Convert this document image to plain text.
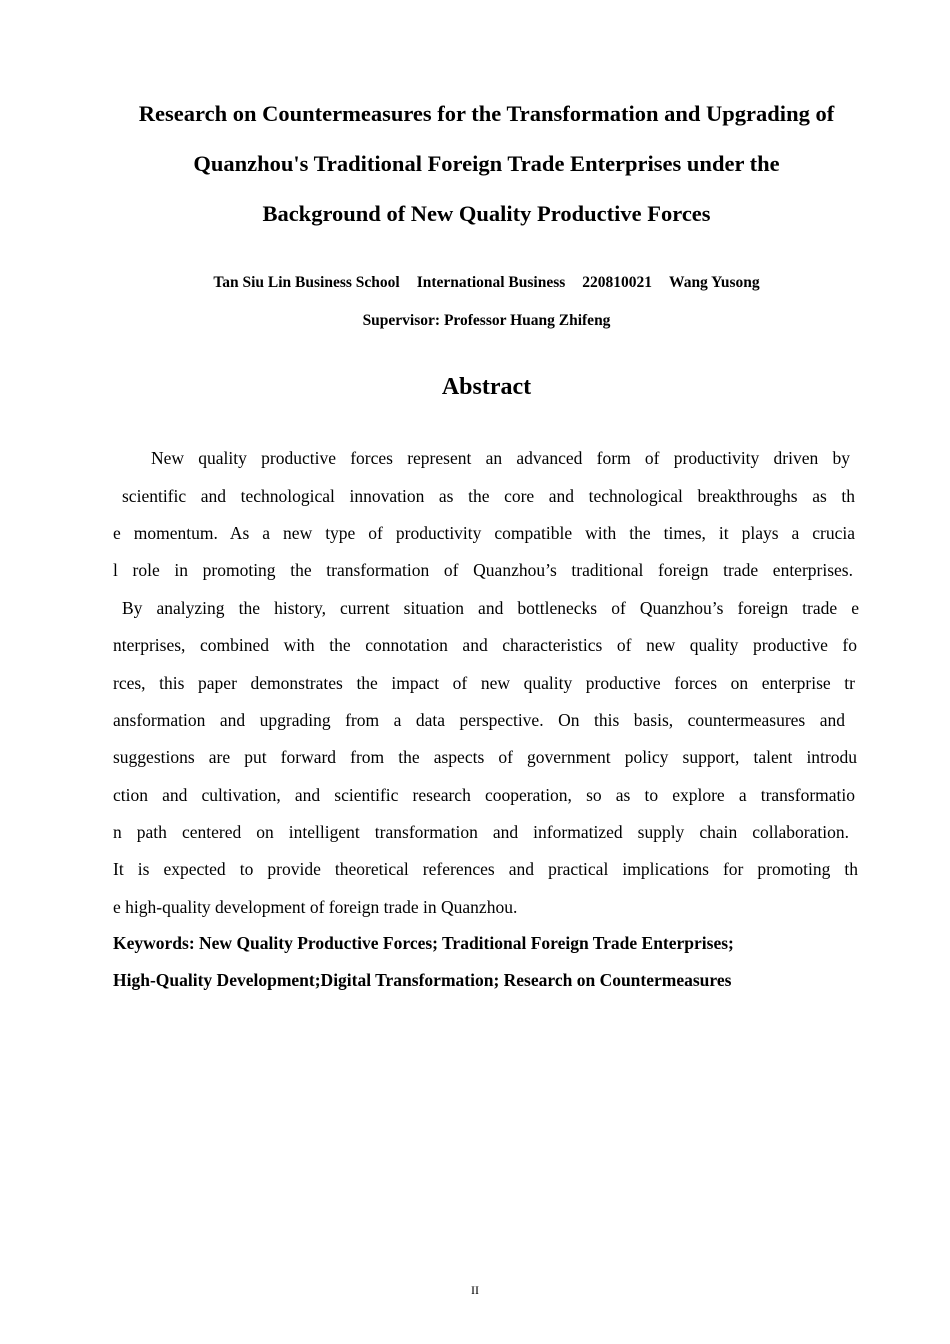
Research on Countermeasures for the Transformation and Upgrading of
Quanzhou's Traditional Foreign Trade Enterprises under the
Background of New Quality Productive Forces
Tan Siu Lin Business School International Business 220810021 Wang Yusong
Supervisor: Professor Huang Zhifeng
Abstract
New quality productive forces represent an advanced form of productivity driven by
scientific and technological innovation as the core and technological breakthroughs as th
e momentum. As a new type of productivity compatible with the times, it plays a crucia
l role in promoting the transformation of Quanzhou’s traditional foreign trade enterprises.
By analyzing the history, current situation and bottlenecks of Quanzhou’s foreign trade e
nterprises, combined with the connotation and characteristics of new quality productive fo
rces, this paper demonstrates the impact of new quality productive forces on enterprise tr
ansformation and upgrading from a data perspective. On this basis, countermeasures and
suggestions are put forward from the aspects of government policy support, talent introdu
ction and cultivation, and scientific research cooperation, so as to explore a transformatio
n path centered on intelligent transformation and informatized supply chain collaboration.
It is expected to provide theoretical references and practical implications for promoting th
e high-quality development of foreign trade in Quanzhou.
Keywords: New Quality Productive Forces; Traditional Foreign Trade Enterprises;
High-Quality Development;Digital Transformation; Research on Countermeasures
II
